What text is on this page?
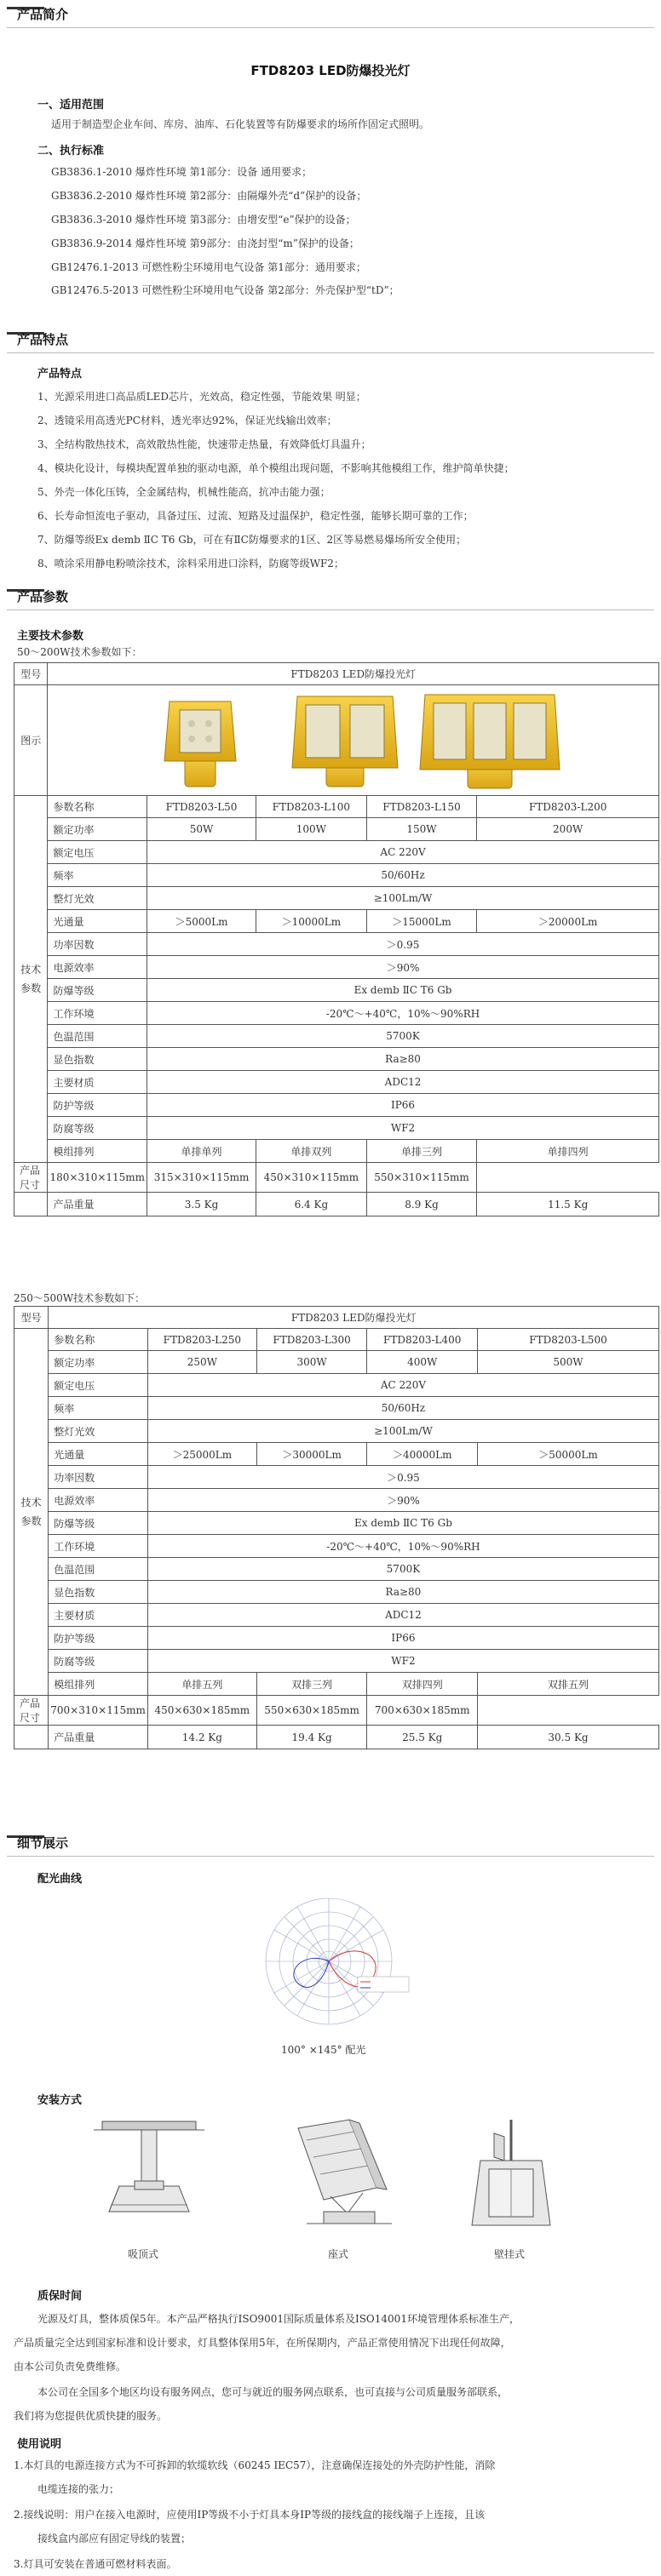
产品简介
FTD8203 LED防爆投光灯
一、适用范围
适用于制造型企业车间、库房、油库、石化装置等有防爆要求的场所作固定式照明。
二、执行标准
GB3836.1-2010 爆炸性环境 第1部分：设备 通用要求；
GB3836.2-2010 爆炸性环境 第2部分：由隔爆外壳“d”保护的设备；
GB3836.3-2010 爆炸性环境 第3部分：由增安型“e”保护的设备；
GB3836.9-2014 爆炸性环境 第9部分：由浇封型“m”保护的设备；
GB12476.1-2013 可燃性粉尘环境用电气设备 第1部分：通用要求；
GB12476.5-2013 可燃性粉尘环境用电气设备 第2部分：外壳保护型“tD”；
产品特点
产品特点
1、光源采用进口高品质LED芯片，光效高，稳定性强，节能效果 明显；
2、透镜采用高透光PC材料，透光率达92%，保证光线输出效率；
3、全结构散热技术，高效散热性能，快速带走热量，有效降低灯具温升；
4、模块化设计，每模块配置单独的驱动电源，单个模组出现问题，不影响其他模组工作，维护简单快捷；
5、外壳一体化压铸，全金属结构，机械性能高，抗冲击能力强；
6、长寿命恒流电子驱动，具备过压、过流、短路及过温保护，稳定性强，能够长期可靠的工作；
7、防爆等级Ex demb ⅡC T6 Gb，可在有ⅡC防爆要求的1区、2区等易燃易爆场所安全使用；
8、喷涂采用静电粉喷涂技术，涂料采用进口涂料，防腐等级WF2；
产品参数
主要技术参数
50～200W技术参数如下：
型号	FTD8203 LED防爆投光灯				
图示	
技术参数	参数名称	FTD8203-L50	FTD8203-L100	FTD8203-L150	FTD8203-L200
	额定功率	50W	100W	150W	200W
	额定电压	AC 220V			
	频率	50/60Hz			
	整灯光效	≥100Lm/W			
	光通量	＞5000Lm	＞10000Lm	＞15000Lm	＞20000Lm
	功率因数	＞0.95			
	电源效率	＞90%			
	防爆等级	Ex demb ⅡC T6 Gb			
	工作环境	-20℃～+40℃，10%～90%RH			
	色温范围	5700K			
	显色指数	Ra≥80			
	主要材质	ADC12			
	防护等级	IP66			
	防腐等级	WF2			
	模组排列	单排单列	单排双列	单排三列	单排四列
产品尺寸	180×310×115mm	315×310×115mm	450×310×115mm	550×310×115mm	
	产品重量	3.5 Kg	6.4 Kg	8.9 Kg	11.5 Kg
250～500W技术参数如下：
型号	FTD8203 LED防爆投光灯				
技术参数	参数名称	FTD8203-L250	FTD8203-L300	FTD8203-L400	FTD8203-L500
	额定功率	250W	300W	400W	500W
	额定电压	AC 220V			
	频率	50/60Hz			
	整灯光效	≥100Lm/W			
	光通量	＞25000Lm	＞30000Lm	＞40000Lm	＞50000Lm
	功率因数	＞0.95			
	电源效率	＞90%			
	防爆等级	Ex demb ⅡC T6 Gb			
	工作环境	-20℃～+40℃，10%～90%RH			
	色温范围	5700K			
	显色指数	Ra≥80			
	主要材质	ADC12			
	防护等级	IP66			
	防腐等级	WF2			
	模组排列	单排五列	双排三列	双排四列	双排五列
产品尺寸	700×310×115mm	450×630×185mm	550×630×185mm	700×630×185mm	
	产品重量	14.2 Kg	19.4 Kg	25.5 Kg	30.5 Kg
细节展示
配光曲线
100° ×145° 配光
安装方式
吸顶式	座式	壁挂式
质保时间
光源及灯具，整体质保5年。本产品严格执行ISO9001国际质量体系及ISO14001环境管理体系标准生产，
产品质量完全达到国家标准和设计要求，灯具整体保用5年，在所保期内，产品正常使用情况下出现任何故障，
由本公司负责免费维修。
本公司在全国多个地区均设有服务网点，您可与就近的服务网点联系，也可直接与公司质量服务部联系，
我们将为您提供优质快捷的服务。
使用说明
1.本灯具的电源连接方式为不可拆卸的软缆软线（60245 IEC57），注意确保连接处的外壳防护性能，消除
电缆连接的张力；
2.接线说明：用户在接入电源时，应使用IP等级不小于灯具本身IP等级的接线盒的接线端子上连接，且该
接线盒内部应有固定导线的装置；
3.灯具可安装在普通可燃材料表面。
